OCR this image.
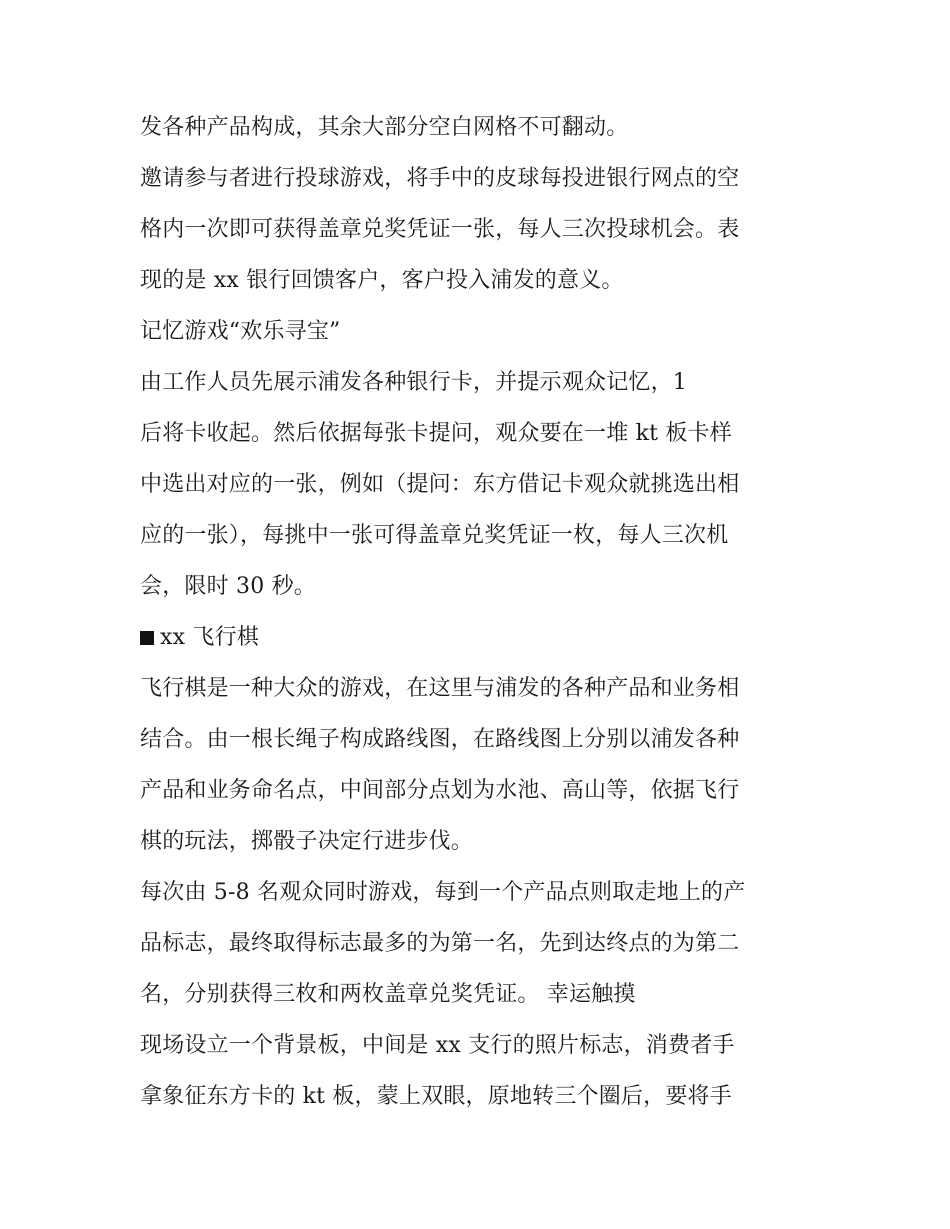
发各种产品构成，其余大部分空白网格不可翻动。
邀请参与者进行投球游戏，将手中的皮球每投进银行网点的空
格内一次即可获得盖章兑奖凭证一张，每人三次投球机会。表
现的是 xx 银行回馈客户，客户投入浦发的意义。
记忆游戏“欢乐寻宝”
由工作人员先展示浦发各种银行卡，并提示观众记忆，1
后将卡收起。然后依据每张卡提问，观众要在一堆 kt 板卡样
中选出对应的一张，例如（提问：东方借记卡观众就挑选出相
应的一张），每挑中一张可得盖章兑奖凭证一枚，每人三次机
会，限时 30 秒。
xx 飞行棋
飞行棋是一种大众的游戏，在这里与浦发的各种产品和业务相
结合。由一根长绳子构成路线图，在路线图上分别以浦发各种
产品和业务命名点，中间部分点划为水池、高山等，依据飞行
棋的玩法，掷骰子决定行进步伐。
每次由 5-8 名观众同时游戏，每到一个产品点则取走地上的产
品标志，最终取得标志最多的为第一名，先到达终点的为第二
名，分别获得三枚和两枚盖章兑奖凭证。 幸运触摸
现场设立一个背景板，中间是 xx 支行的照片标志，消费者手
拿象征东方卡的 kt 板，蒙上双眼，原地转三个圈后，要将手
